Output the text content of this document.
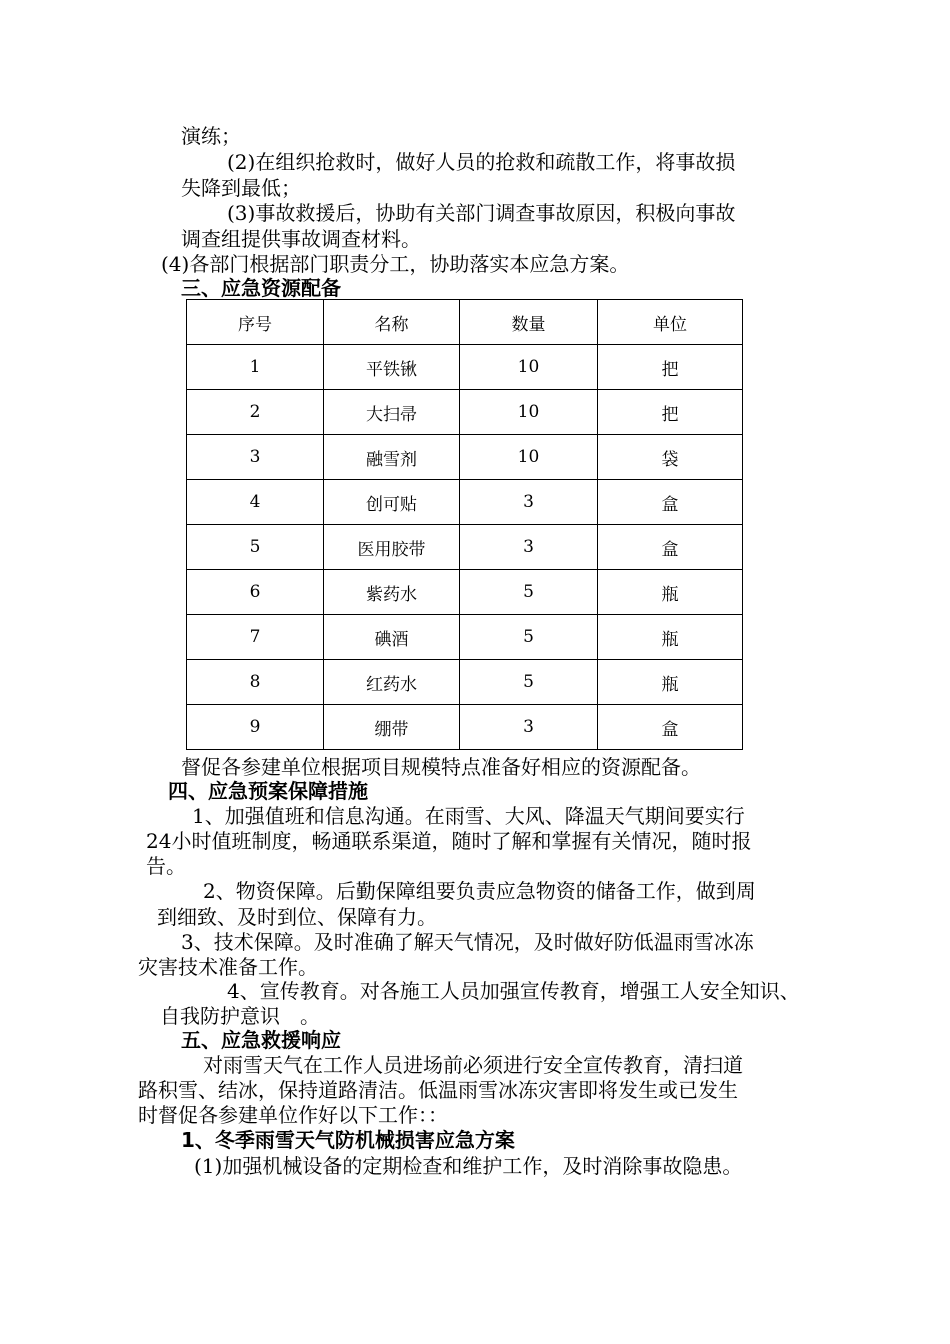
演练；
(2)在组织抢救时，做好人员的抢救和疏散工作，将事故损
失降到最低；
(3)事故救援后，协助有关部门调查事故原因，积极向事故
调查组提供事故调查材料。
(4)各部门根据部门职责分工，协助落实本应急方案。
三、应急资源配备
序号	名称	数量	单位
1	平铁锹	10	把
2	大扫帚	10	把
3	融雪剂	10	袋
4	创可贴	3	盒
5	医用胶带	3	盒
6	紫药水	5	瓶
7	碘酒	5	瓶
8	红药水	5	瓶
9	绷带	3	盒
督促各参建单位根据项目规模特点准备好相应的资源配备。
四、应急预案保障措施
1、加强值班和信息沟通。在雨雪、大风、降温天气期间要实行
24小时值班制度，畅通联系渠道，随时了解和掌握有关情况，随时报
告。
2、物资保障。后勤保障组要负责应急物资的储备工作，做到周
到细致、及时到位、保障有力。
3、技术保障。及时准确了解天气情况，及时做好防低温雨雪冰冻
灾害技术准备工作。
4、宣传教育。对各施工人员加强宣传教育，增强工人安全知识、
自我防护意识　。
五、应急救援响应
对雨雪天气在工作人员进场前必须进行安全宣传教育，清扫道
路积雪、结冰，保持道路清洁。低温雨雪冰冻灾害即将发生或已发生
时督促各参建单位作好以下工作：：
1、冬季雨雪天气防机械损害应急方案
(1)加强机械设备的定期检查和维护工作，及时消除事故隐患。
